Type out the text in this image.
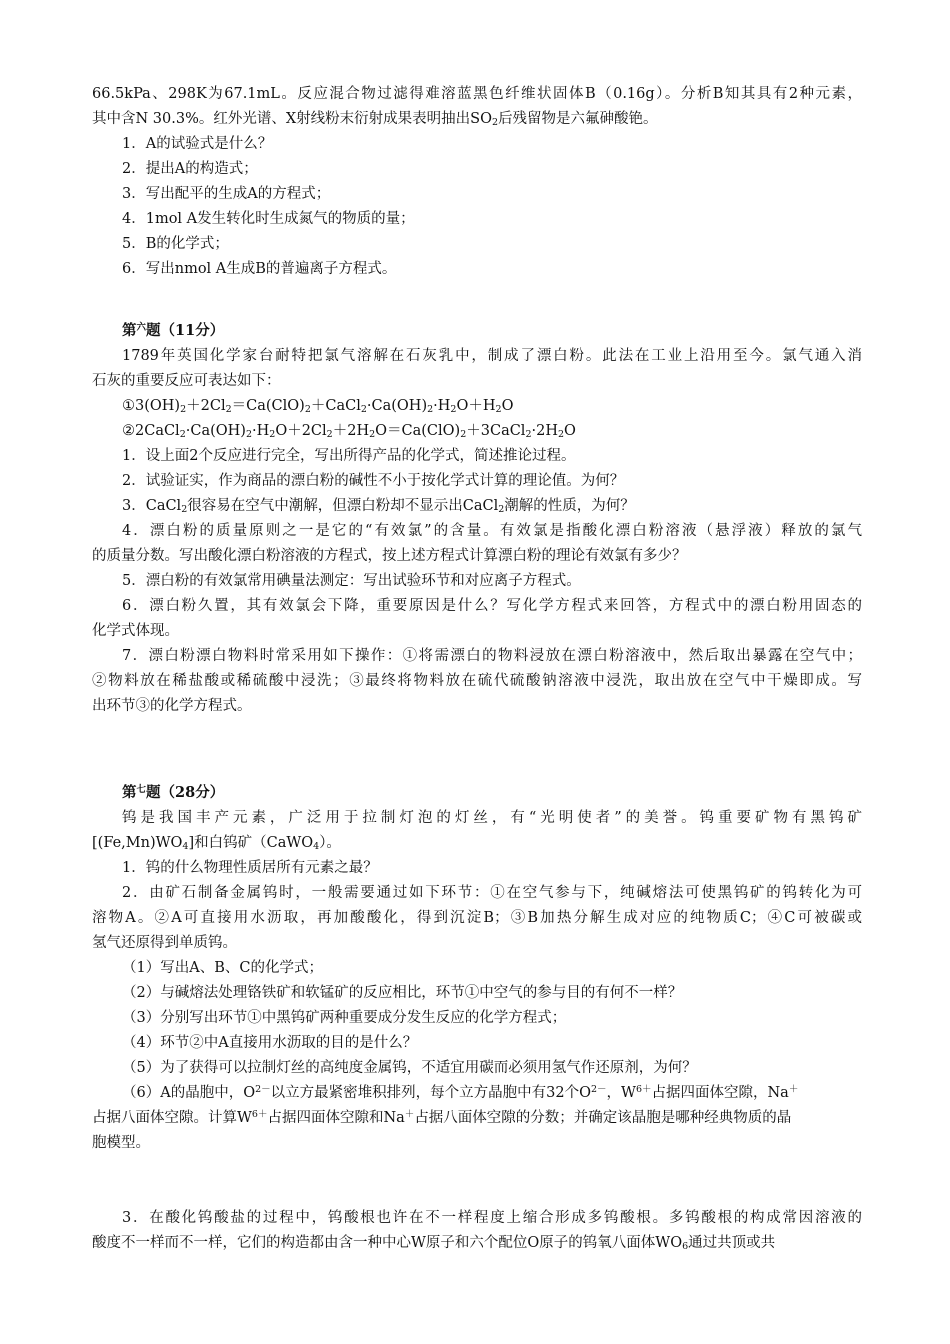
66.5kPa、298K为67.1mL。反应混合物过滤得难溶蓝黑色纤维状固体B（0.16g）。分析B知其具有2种元素，
其中含N 30.3%。红外光谱、X射线粉末衍射成果表明抽出$SO_2$后残留物是六氟砷酸铯。
1．A的试验式是什么？
2．提出A的构造式；
3．写出配平的生成A的方程式；
4．1mol A发生转化时生成氮气的物质的量；
5．B的化学式；
6．写出nmol A生成B的普遍离子方程式。
第$^六$题（11分）
1789年英国化学家台耐特把氯气溶解在石灰乳中，制成了漂白粉。此法在工业上沿用至今。氯气通入消
石灰的重要反应可表达如下：
$①3(OH)_2+2Cl_2=Ca(ClO)_2+CaCl_2\cdot Ca(OH)_2\cdot H_2O+H_2O$
$②2CaCl_2\cdot Ca(OH)_2\cdot H_2O+2Cl_2+2H_2O=Ca(ClO)_2+3CaCl_2\cdot 2H_2O$
1．设上面2个反应进行完全，写出所得产品的化学式，简述推论过程。
2．试验证实，作为商品的漂白粉的碱性不小于按化学式计算的理论值。为何？
3．CaCl$_2$很容易在空气中潮解，但漂白粉却不显示出CaCl$_2$潮解的性质，为何？
4．漂白粉的质量原则之一是它的“有效氯”的含量。有效氯是指酸化漂白粉溶液（悬浮液）释放的氯气
的质量分数。写出酸化漂白粉溶液的方程式，按上述方程式计算漂白粉的理论有效氯有多少？
5．漂白粉的有效氯常用碘量法测定：写出试验环节和对应离子方程式。
6．漂白粉久置，其有效氯会下降，重要原因是什么？写化学方程式来回答，方程式中的漂白粉用固态的
化学式体现。
7．漂白粉漂白物料时常采用如下操作：①将需漂白的物料浸放在漂白粉溶液中，然后取出暴露在空气中；
②物料放在稀盐酸或稀硫酸中浸洗；③最终将物料放在硫代硫酸钠溶液中浸洗，取出放在空气中干燥即成。写
出环节③的化学方程式。
第$^七$题（28分）
钨是我国丰产元素，广泛用于拉制灯泡的灯丝，有“光明使者”的美誉。钨重要矿物有黑钨矿
$[(Fe,Mn)WO_4]$和白钨矿（CaWO$_4$）。
1．钨的什么物理性质居所有元素之最？
2．由矿石制备金属钨时，一般需要通过如下环节：①在空气参与下，纯碱熔法可使黑钨矿的钨转化为可
溶物A。②A可直接用水沥取，再加酸酸化，得到沉淀B；③B加热分解生成对应的纯物质C；④C可被碳或
氢气还原得到单质钨。
（1）写出A、B、C的化学式；
（2）与碱熔法处理铬铁矿和软锰矿的反应相比，环节①中空气的参与目的有何不一样？
（3）分别写出环节①中黑钨矿两种重要成分发生反应的化学方程式；
（4）环节②中A直接用水沥取的目的是什么？
（5）为了获得可以拉制灯丝的高纯度金属钨，不适宜用碳而必须用氢气作还原剂，为何？
（6）A的晶胞中，$O^{2-}$以立方最紧密堆积排列，每个立方晶胞中有32个$O^{2-}$，$W^{6+}$占据四面体空隙，Na＋
占据八面体空隙。计算$W^{6+}$占据四面体空隙和Na＋占据八面体空隙的分数；并确定该晶胞是哪种经典物质的晶
胞模型。
3．在酸化钨酸盐的过程中，钨酸根也许在不一样程度上缩合形成多钨酸根。多钨酸根的构成常因溶液的
酸度不一样而不一样，它们的构造都由含一种中心W原子和六个配位O原子的钨氧八面体$WO_6$通过共顶或共
